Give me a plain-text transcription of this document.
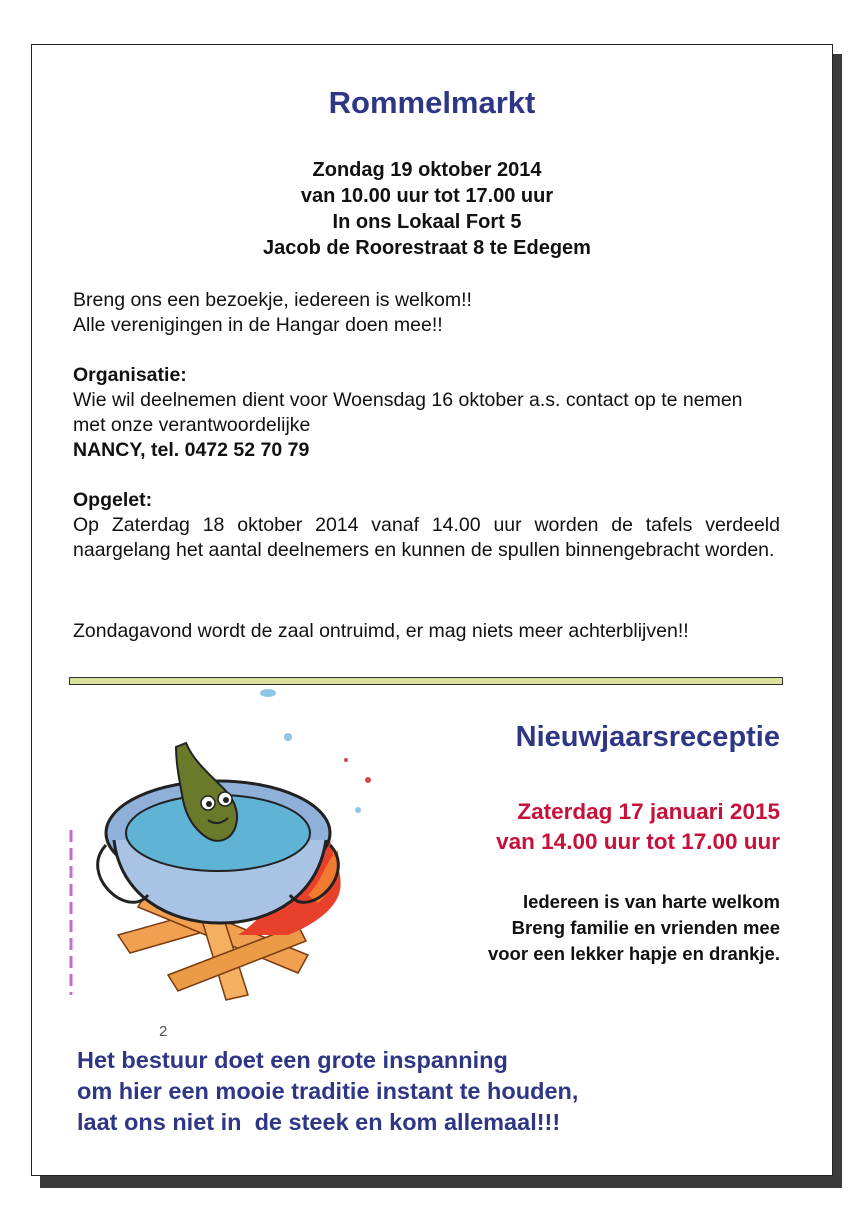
Rommelmarkt
Zondag 19 oktober 2014
van 10.00 uur tot 17.00 uur
In ons Lokaal Fort 5
Jacob de Roorestraat 8 te Edegem
Breng ons een bezoekje, iedereen is welkom!!
Alle verenigingen in de Hangar doen mee!!
Organisatie:
Wie wil deelnemen dient voor Woensdag 16 oktober a.s. contact op te nemen met onze verantwoordelijke
NANCY, tel. 0472 52 70 79
Opgelet:
Op Zaterdag 18 oktober 2014 vanaf 14.00 uur worden de tafels verdeeld naargelang het aantal deelnemers en kunnen de spullen binnengebracht worden.
Zondagavond wordt de zaal ontruimd, er mag niets meer achterblijven!!
Nieuwjaarsreceptie
Zaterdag 17 januari 2015
van 14.00 uur tot 17.00 uur
Iedereen is van harte welkom
Breng familie en vrienden mee
voor een lekker hapje en drankje.
2
Het bestuur doet een grote inspanning
om hier een mooie traditie instant te houden,
laat ons niet in  de steek en kom allemaal!!!
